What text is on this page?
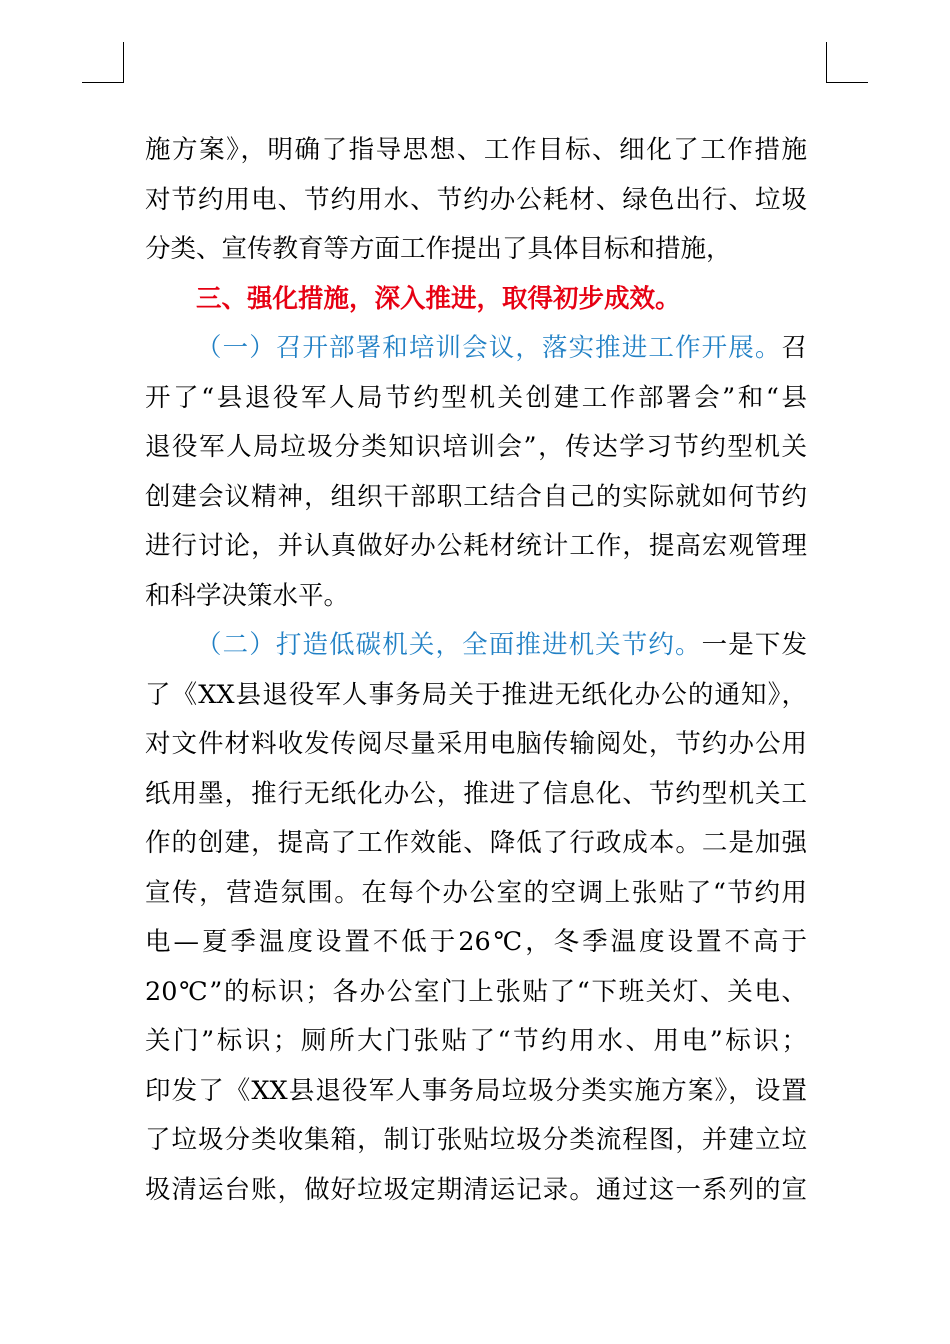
施方案》，明确了指导思想、工作目标、细化了工作措施
对节约用电、节约用水、节约办公耗材、绿色出行、垃圾
分类、宣传教育等方面工作提出了具体目标和措施，
三、强化措施，深入推进，取得初步成效。
（一）召开部署和培训会议，落实推进工作开展。召
开了“县退役军人局节约型机关创建工作部署会”和“县
退役军人局垃圾分类知识培训会”，传达学习节约型机关
创建会议精神，组织干部职工结合自己的实际就如何节约
进行讨论，并认真做好办公耗材统计工作，提高宏观管理
和科学决策水平。
（二）打造低碳机关，全面推进机关节约。一是下发
了《XX县退役军人事务局关于推进无纸化办公的通知》，
对文件材料收发传阅尽量采用电脑传输阅处，节约办公用
纸用墨，推行无纸化办公，推进了信息化、节约型机关工
作的创建，提高了工作效能、降低了行政成本。二是加强
宣传，营造氛围。在每个办公室的空调上张贴了“节约用
电—夏季温度设置不低于26℃，冬季温度设置不高于
20℃”的标识；各办公室门上张贴了“下班关灯、关电、
关门”标识；厕所大门张贴了“节约用水、用电”标识；
印发了《XX县退役军人事务局垃圾分类实施方案》，设置
了垃圾分类收集箱，制订张贴垃圾分类流程图，并建立垃
圾清运台账，做好垃圾定期清运记录。通过这一系列的宣
